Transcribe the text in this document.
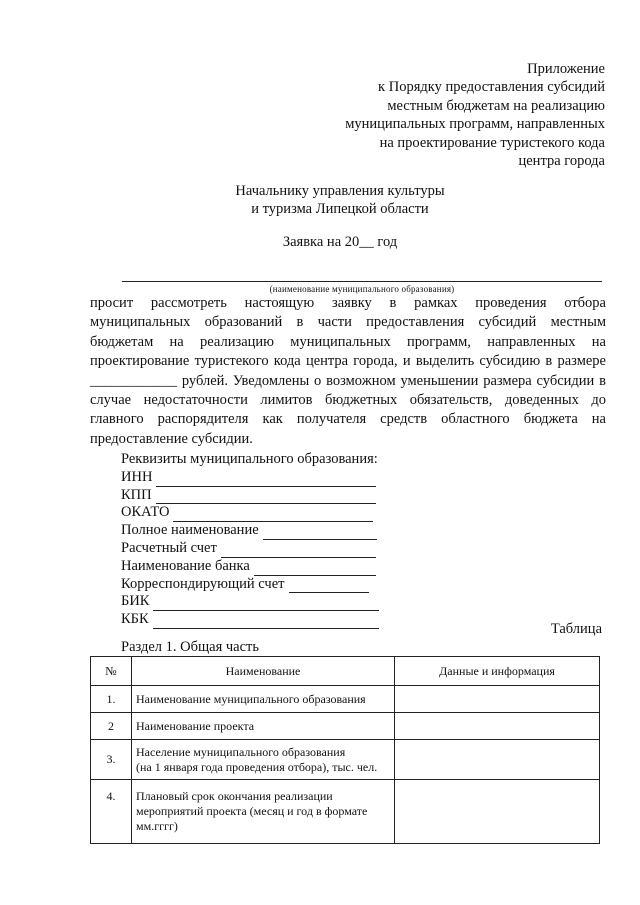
Приложение
к Порядку предоставления субсидий
местным бюджетам на реализацию
муниципальных программ, направленных
на проектирование туристекого кода
центра города
Начальнику управления культуры
и туризма Липецкой области
Заявка на 20__ год
(наименование муниципального образования)

просит рассмотреть настоящую заявку в рамках проведения отбора муниципальных образований в части предоставления субсидий местным бюджетам на реализацию муниципальных программ, направленных на проектирование туристекого кода центра города, и выделить субсидию в размере ____________ рублей. Уведомлены о возможном уменьшении размера субсидии в случае недостаточности лимитов бюджетных обязательств, доведенных до главного распорядителя как получателя средств областного бюджета на предоставление субсидии.

Реквизиты муниципального образования:
ИНН
КПП
ОКАТО
Полное наименование
Расчетный счет
Наименование банка
Корреспондирующий счет
БИК
КБК
Таблица
Раздел 1. Общая часть
№	Наименование	Данные и информация
1.	Наименование муниципального образования	
2	Наименование проекта	
3.	Население муниципального образования
(на 1 января года проведения отбора), тыс. чел.	

4.	Плановый срок окончания реализации
мероприятий проекта (месяц и год в формате
мм.гггг)	
